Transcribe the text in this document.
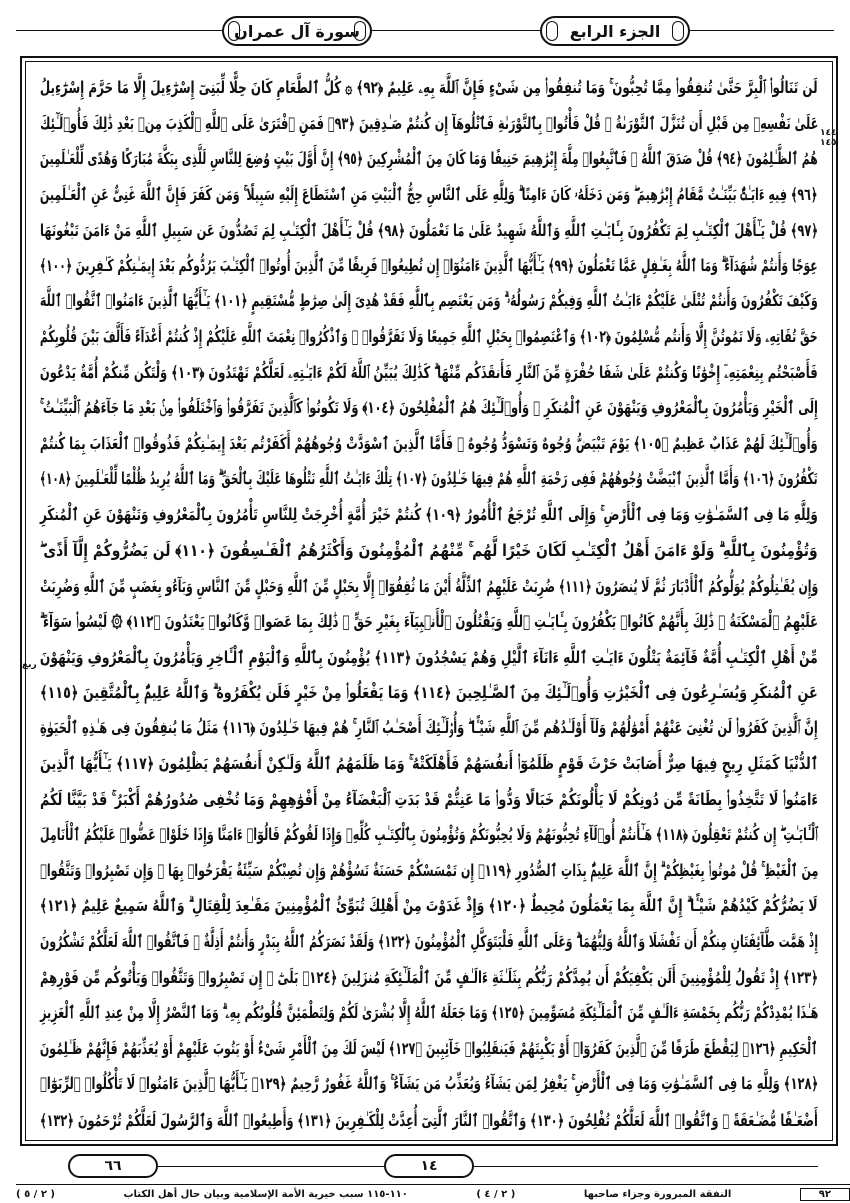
سورة آل عمران	الجزء الرابع
١٤٤ ١٤٥
ربع
لَن تَنَالُوا۟ ٱلْبِرَّ حَتَّىٰ تُنفِقُوا۟ مِمَّا تُحِبُّونَ ۚ وَمَا تُنفِقُوا۟ مِن شَىْءٍ فَإِنَّ ٱللَّهَ بِهِۦ عَلِيمٌ ﴿٩٢﴾ ۞ كُلُّ ٱلطَّعَامِ كَانَ حِلًّا لِّبَنِىٓ إِسْرَٰٓءِيلَ إِلَّا مَا حَرَّمَ إِسْرَٰٓءِيلُ
عَلَىٰ نَفْسِهِۦ مِن قَبْلِ أَن تُنَزَّلَ ٱلتَّوْرَىٰةُ ۗ قُلْ فَأْتُوا۟ بِٱلتَّوْرَىٰةِ فَٱتْلُوهَآ إِن كُنتُمْ صَـٰدِقِينَ ﴿٩٣﴾ فَمَنِ ٱفْتَرَىٰ عَلَى ٱللَّهِ ٱلْكَذِبَ مِنۢ بَعْدِ ذَٰلِكَ فَأُو۟لَـٰٓئِكَ
هُمُ ٱلظَّـٰلِمُونَ ﴿٩٤﴾ قُلْ صَدَقَ ٱللَّهُ ۗ فَٱتَّبِعُوا۟ مِلَّةَ إِبْرَٰهِيمَ حَنِيفًا وَمَا كَانَ مِنَ ٱلْمُشْرِكِينَ ﴿٩٥﴾ إِنَّ أَوَّلَ بَيْتٍ وُضِعَ لِلنَّاسِ لَلَّذِى بِبَكَّةَ مُبَارَكًا وَهُدًى لِّلْعَـٰلَمِينَ
﴿٩٦﴾ فِيهِ ءَايَـٰتٌۢ بَيِّنَـٰتٌ مَّقَامُ إِبْرَٰهِيمَ ۖ وَمَن دَخَلَهُۥ كَانَ ءَامِنًا ۗ وَلِلَّهِ عَلَى ٱلنَّاسِ حِجُّ ٱلْبَيْتِ مَنِ ٱسْتَطَاعَ إِلَيْهِ سَبِيلًا ۚ وَمَن كَفَرَ فَإِنَّ ٱللَّهَ غَنِىٌّ عَنِ ٱلْعَـٰلَمِينَ
﴿٩٧﴾ قُلْ يَـٰٓأَهْلَ ٱلْكِتَـٰبِ لِمَ تَكْفُرُونَ بِـَٔايَـٰتِ ٱللَّهِ وَٱللَّهُ شَهِيدٌ عَلَىٰ مَا تَعْمَلُونَ ﴿٩٨﴾ قُلْ يَـٰٓأَهْلَ ٱلْكِتَـٰبِ لِمَ تَصُدُّونَ عَن سَبِيلِ ٱللَّهِ مَنْ ءَامَنَ تَبْغُونَهَا
عِوَجًا وَأَنتُمْ شُهَدَآءُ ۗ وَمَا ٱللَّهُ بِغَـٰفِلٍ عَمَّا تَعْمَلُونَ ﴿٩٩﴾ يَـٰٓأَيُّهَا ٱلَّذِينَ ءَامَنُوٓا۟ إِن تُطِيعُوا۟ فَرِيقًا مِّنَ ٱلَّذِينَ أُوتُوا۟ ٱلْكِتَـٰبَ يَرُدُّوكُم بَعْدَ إِيمَـٰنِكُمْ كَـٰفِرِينَ ﴿١٠٠﴾
وَكَيْفَ تَكْفُرُونَ وَأَنتُمْ تُتْلَىٰ عَلَيْكُمْ ءَايَـٰتُ ٱللَّهِ وَفِيكُمْ رَسُولُهُۥ ۗ وَمَن يَعْتَصِم بِٱللَّهِ فَقَدْ هُدِىَ إِلَىٰ صِرَٰطٍ مُّسْتَقِيمٍ ﴿١٠١﴾ يَـٰٓأَيُّهَا ٱلَّذِينَ ءَامَنُوا۟ ٱتَّقُوا۟ ٱللَّهَ
حَقَّ تُقَاتِهِۦ وَلَا تَمُوتُنَّ إِلَّا وَأَنتُم مُّسْلِمُونَ ﴿١٠٢﴾ وَٱعْتَصِمُوا۟ بِحَبْلِ ٱللَّهِ جَمِيعًا وَلَا تَفَرَّقُوا۟ ۚ وَٱذْكُرُوا۟ نِعْمَتَ ٱللَّهِ عَلَيْكُمْ إِذْ كُنتُمْ أَعْدَآءً فَأَلَّفَ بَيْنَ قُلُوبِكُمْ
فَأَصْبَحْتُم بِنِعْمَتِهِۦٓ إِخْوَٰنًا وَكُنتُمْ عَلَىٰ شَفَا حُفْرَةٍ مِّنَ ٱلنَّارِ فَأَنقَذَكُم مِّنْهَا ۗ كَذَٰلِكَ يُبَيِّنُ ٱللَّهُ لَكُمْ ءَايَـٰتِهِۦ لَعَلَّكُمْ تَهْتَدُونَ ﴿١٠٣﴾ وَلْتَكُن مِّنكُمْ أُمَّةٌ يَدْعُونَ
إِلَى ٱلْخَيْرِ وَيَأْمُرُونَ بِٱلْمَعْرُوفِ وَيَنْهَوْنَ عَنِ ٱلْمُنكَرِ ۚ وَأُو۟لَـٰٓئِكَ هُمُ ٱلْمُفْلِحُونَ ﴿١٠٤﴾ وَلَا تَكُونُوا۟ كَٱلَّذِينَ تَفَرَّقُوا۟ وَٱخْتَلَفُوا۟ مِنۢ بَعْدِ مَا جَآءَهُمُ ٱلْبَيِّنَـٰتُ ۚ
وَأُو۟لَـٰٓئِكَ لَهُمْ عَذَابٌ عَظِيمٌ ﴿١٠٥﴾ يَوْمَ تَبْيَضُّ وُجُوهٌ وَتَسْوَدُّ وُجُوهٌ ۚ فَأَمَّا ٱلَّذِينَ ٱسْوَدَّتْ وُجُوهُهُمْ أَكَفَرْتُم بَعْدَ إِيمَـٰنِكُمْ فَذُوقُوا۟ ٱلْعَذَابَ بِمَا كُنتُمْ
تَكْفُرُونَ ﴿١٠٦﴾ وَأَمَّا ٱلَّذِينَ ٱبْيَضَّتْ وُجُوهُهُمْ فَفِى رَحْمَةِ ٱللَّهِ هُمْ فِيهَا خَـٰلِدُونَ ﴿١٠٧﴾ تِلْكَ ءَايَـٰتُ ٱللَّهِ نَتْلُوهَا عَلَيْكَ بِٱلْحَقِّ ۗ وَمَا ٱللَّهُ يُرِيدُ ظُلْمًا لِّلْعَـٰلَمِينَ ﴿١٠٨﴾
وَلِلَّهِ مَا فِى ٱلسَّمَـٰوَٰتِ وَمَا فِى ٱلْأَرْضِ ۚ وَإِلَى ٱللَّهِ تُرْجَعُ ٱلْأُمُورُ ﴿١٠٩﴾ كُنتُمْ خَيْرَ أُمَّةٍ أُخْرِجَتْ لِلنَّاسِ تَأْمُرُونَ بِٱلْمَعْرُوفِ وَتَنْهَوْنَ عَنِ ٱلْمُنكَرِ
وَتُؤْمِنُونَ بِٱللَّهِ ۗ وَلَوْ ءَامَنَ أَهْلُ ٱلْكِتَـٰبِ لَكَانَ خَيْرًا لَّهُم ۚ مِّنْهُمُ ٱلْمُؤْمِنُونَ وَأَكْثَرُهُمُ ٱلْفَـٰسِقُونَ ﴿١١٠﴾ لَن يَضُرُّوكُمْ إِلَّآ أَذًى ۖ
وَإِن يُقَـٰتِلُوكُمْ يُوَلُّوكُمُ ٱلْأَدْبَارَ ثُمَّ لَا يُنصَرُونَ ﴿١١١﴾ ضُرِبَتْ عَلَيْهِمُ ٱلذِّلَّةُ أَيْنَ مَا ثُقِفُوٓا۟ إِلَّا بِحَبْلٍ مِّنَ ٱللَّهِ وَحَبْلٍ مِّنَ ٱلنَّاسِ وَبَآءُو بِغَضَبٍ مِّنَ ٱللَّهِ وَضُرِبَتْ
عَلَيْهِمُ ٱلْمَسْكَنَةُ ۚ ذَٰلِكَ بِأَنَّهُمْ كَانُوا۟ يَكْفُرُونَ بِـَٔايَـٰتِ ٱللَّهِ وَيَقْتُلُونَ ٱلْأَنۢبِيَآءَ بِغَيْرِ حَقٍّ ۚ ذَٰلِكَ بِمَا عَصَوا۟ وَّكَانُوا۟ يَعْتَدُونَ ﴿١١٢﴾ ۞ لَيْسُوا۟ سَوَآءً ۗ
مِّنْ أَهْلِ ٱلْكِتَـٰبِ أُمَّةٌ قَآئِمَةٌ يَتْلُونَ ءَايَـٰتِ ٱللَّهِ ءَانَآءَ ٱلَّيْلِ وَهُمْ يَسْجُدُونَ ﴿١١٣﴾ يُؤْمِنُونَ بِٱللَّهِ وَٱلْيَوْمِ ٱلْـَٔاخِرِ وَيَأْمُرُونَ بِٱلْمَعْرُوفِ وَيَنْهَوْنَ
عَنِ ٱلْمُنكَرِ وَيُسَـٰرِعُونَ فِى ٱلْخَيْرَٰتِ وَأُو۟لَـٰٓئِكَ مِنَ ٱلصَّـٰلِحِينَ ﴿١١٤﴾ وَمَا يَفْعَلُوا۟ مِنْ خَيْرٍ فَلَن يُكْفَرُوهُ ۗ وَٱللَّهُ عَلِيمٌۢ بِٱلْمُتَّقِينَ ﴿١١٥﴾
إِنَّ ٱلَّذِينَ كَفَرُوا۟ لَن تُغْنِىَ عَنْهُمْ أَمْوَٰلُهُمْ وَلَآ أَوْلَـٰدُهُم مِّنَ ٱللَّهِ شَيْـًٔا ۖ وَأُو۟لَـٰٓئِكَ أَصْحَـٰبُ ٱلنَّارِ ۚ هُمْ فِيهَا خَـٰلِدُونَ ﴿١١٦﴾ مَثَلُ مَا يُنفِقُونَ فِى هَـٰذِهِ ٱلْحَيَوٰةِ
ٱلدُّنْيَا كَمَثَلِ رِيحٍ فِيهَا صِرٌّ أَصَابَتْ حَرْثَ قَوْمٍ ظَلَمُوٓا۟ أَنفُسَهُمْ فَأَهْلَكَتْهُ ۚ وَمَا ظَلَمَهُمُ ٱللَّهُ وَلَـٰكِنْ أَنفُسَهُمْ يَظْلِمُونَ ﴿١١٧﴾ يَـٰٓأَيُّهَا ٱلَّذِينَ
ءَامَنُوا۟ لَا تَتَّخِذُوا۟ بِطَانَةً مِّن دُونِكُمْ لَا يَأْلُونَكُمْ خَبَالًا وَدُّوا۟ مَا عَنِتُّمْ قَدْ بَدَتِ ٱلْبَغْضَآءُ مِنْ أَفْوَٰهِهِمْ وَمَا تُخْفِى صُدُورُهُمْ أَكْبَرُ ۚ قَدْ بَيَّنَّا لَكُمُ
ٱلْـَٔايَـٰتِ ۖ إِن كُنتُمْ تَعْقِلُونَ ﴿١١٨﴾ هَـٰٓأَنتُمْ أُو۟لَآءِ تُحِبُّونَهُمْ وَلَا يُحِبُّونَكُمْ وَتُؤْمِنُونَ بِٱلْكِتَـٰبِ كُلِّهِۦ وَإِذَا لَقُوكُمْ قَالُوٓا۟ ءَامَنَّا وَإِذَا خَلَوْا۟ عَضُّوا۟ عَلَيْكُمُ ٱلْأَنَامِلَ
مِنَ ٱلْغَيْظِ ۚ قُلْ مُوتُوا۟ بِغَيْظِكُمْ ۗ إِنَّ ٱللَّهَ عَلِيمٌۢ بِذَاتِ ٱلصُّدُورِ ﴿١١٩﴾ إِن تَمْسَسْكُمْ حَسَنَةٌ تَسُؤْهُمْ وَإِن تُصِبْكُمْ سَيِّئَةٌ يَفْرَحُوا۟ بِهَا ۖ وَإِن تَصْبِرُوا۟ وَتَتَّقُوا۟
لَا يَضُرُّكُمْ كَيْدُهُمْ شَيْـًٔا ۗ إِنَّ ٱللَّهَ بِمَا يَعْمَلُونَ مُحِيطٌ ﴿١٢٠﴾ وَإِذْ غَدَوْتَ مِنْ أَهْلِكَ تُبَوِّئُ ٱلْمُؤْمِنِينَ مَقَـٰعِدَ لِلْقِتَالِ ۗ وَٱللَّهُ سَمِيعٌ عَلِيمٌ ﴿١٢١﴾
إِذْ هَمَّت طَّآئِفَتَانِ مِنكُمْ أَن تَفْشَلَا وَٱللَّهُ وَلِيُّهُمَا ۗ وَعَلَى ٱللَّهِ فَلْيَتَوَكَّلِ ٱلْمُؤْمِنُونَ ﴿١٢٢﴾ وَلَقَدْ نَصَرَكُمُ ٱللَّهُ بِبَدْرٍ وَأَنتُمْ أَذِلَّةٌ ۖ فَٱتَّقُوا۟ ٱللَّهَ لَعَلَّكُمْ تَشْكُرُونَ
﴿١٢٣﴾ إِذْ تَقُولُ لِلْمُؤْمِنِينَ أَلَن يَكْفِيَكُمْ أَن يُمِدَّكُمْ رَبُّكُم بِثَلَـٰثَةِ ءَالَـٰفٍ مِّنَ ٱلْمَلَـٰٓئِكَةِ مُنزَلِينَ ﴿١٢٤﴾ بَلَىٰٓ ۚ إِن تَصْبِرُوا۟ وَتَتَّقُوا۟ وَيَأْتُوكُم مِّن فَوْرِهِمْ
هَـٰذَا يُمْدِدْكُمْ رَبُّكُم بِخَمْسَةِ ءَالَـٰفٍ مِّنَ ٱلْمَلَـٰٓئِكَةِ مُسَوِّمِينَ ﴿١٢٥﴾ وَمَا جَعَلَهُ ٱللَّهُ إِلَّا بُشْرَىٰ لَكُمْ وَلِتَطْمَئِنَّ قُلُوبُكُم بِهِۦ ۗ وَمَا ٱلنَّصْرُ إِلَّا مِنْ عِندِ ٱللَّهِ ٱلْعَزِيزِ
ٱلْحَكِيمِ ﴿١٢٦﴾ لِيَقْطَعَ طَرَفًا مِّنَ ٱلَّذِينَ كَفَرُوٓا۟ أَوْ يَكْبِتَهُمْ فَيَنقَلِبُوا۟ خَآئِبِينَ ﴿١٢٧﴾ لَيْسَ لَكَ مِنَ ٱلْأَمْرِ شَىْءٌ أَوْ يَتُوبَ عَلَيْهِمْ أَوْ يُعَذِّبَهُمْ فَإِنَّهُمْ ظَـٰلِمُونَ
﴿١٢٨﴾ وَلِلَّهِ مَا فِى ٱلسَّمَـٰوَٰتِ وَمَا فِى ٱلْأَرْضِ ۚ يَغْفِرُ لِمَن يَشَآءُ وَيُعَذِّبُ مَن يَشَآءُ ۚ وَٱللَّهُ غَفُورٌ رَّحِيمٌ ﴿١٢٩﴾ يَـٰٓأَيُّهَا ٱلَّذِينَ ءَامَنُوا۟ لَا تَأْكُلُوا۟ ٱلرِّبَوٰٓا۟
أَضْعَـٰفًا مُّضَـٰعَفَةً ۖ وَٱتَّقُوا۟ ٱللَّهَ لَعَلَّكُمْ تُفْلِحُونَ ﴿١٣٠﴾ وَٱتَّقُوا۟ ٱلنَّارَ ٱلَّتِىٓ أُعِدَّتْ لِلْكَـٰفِرِينَ ﴿١٣١﴾ وَأَطِيعُوا۟ ٱللَّهَ وَٱلرَّسُولَ لَعَلَّكُمْ تُرْحَمُونَ ﴿١٣٢﴾
٦٦	١٤
٩٢
النفقة المبرورة وجزاء صاحبها
( ٢ / ٤ )
١١٠-١١٥ سبب خيرية الأمة الإسلامية وبيان حال أهل الكتاب
( ٢ / ٥ )
